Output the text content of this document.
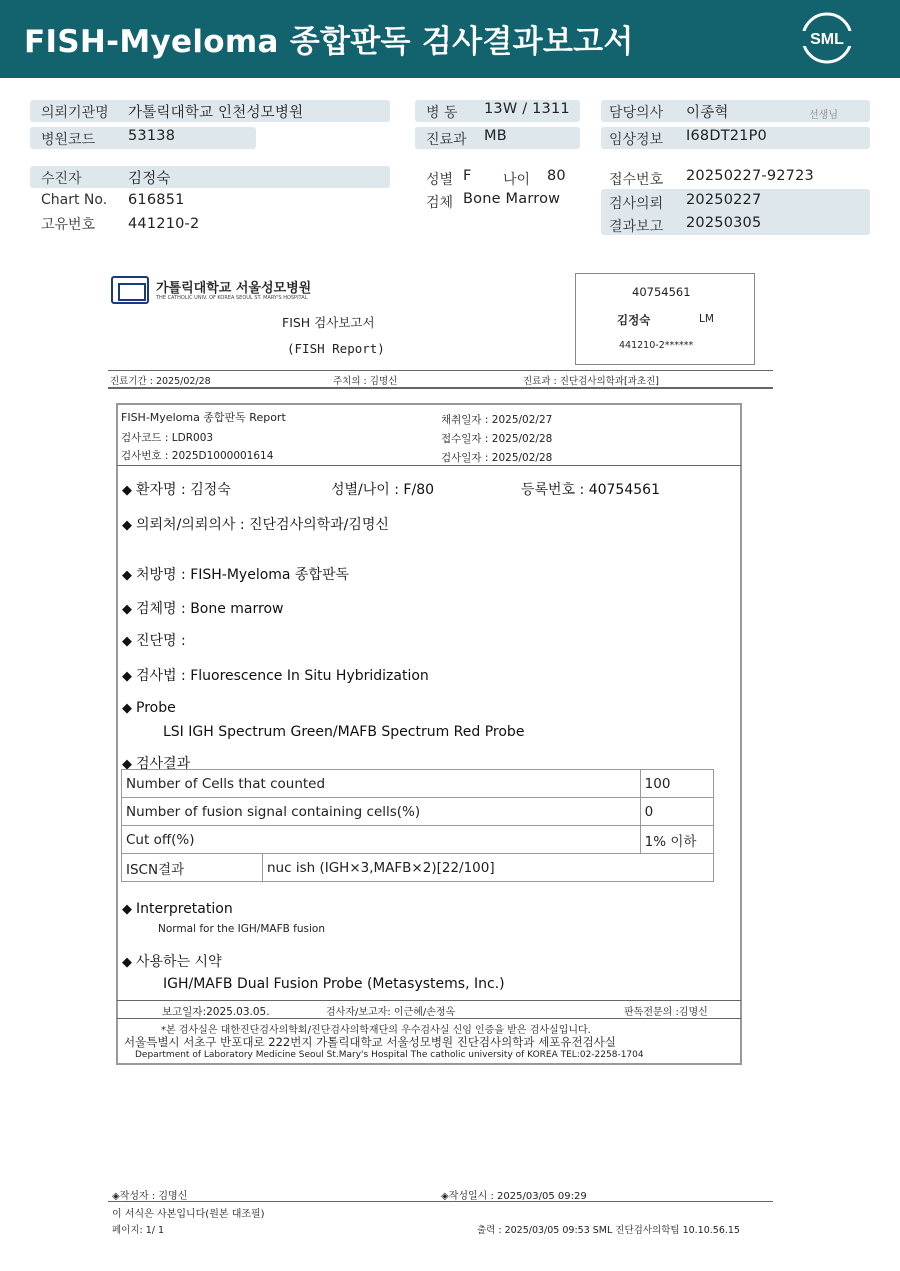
FISH-Myeloma 종합판독 검사결과보고서	SML
의뢰기관명 가톨릭대학교 인천성모병원
병원코드 53138
병 동 13W / 1311
진료과 MB
담당의사 이종혁	선생님
임상정보 I68DT21P0
수진자	김정숙
Chart No. 616851
고유번호 441210-2
성별 F 나이 80
검체 Bone Marrow
접수번호 20250227-92723
검사의뢰 20250227
결과보고 20250305
가톨릭대학교 서울성모병원
THE CATHOLIC UNIV. OF KOREA SEOUL ST. MARY'S HOSPITAL
FISH 검사보고서
(FISH Report)
40754561
김정숙	LM
441210-2******
진료기간 : 2025/02/28	주치의 : 김명신	진료과 : 진단검사의학과[과초진]
FISH-Myeloma 종합판독 Report
검사코드 : LDR003
검사번호 : 2025D1000001614
채취일자 : 2025/02/27
접수일자 : 2025/02/28
검사일자 : 2025/02/28
◆ 환자명 : 김정숙	성별/나이 : F/80	등록번호 : 40754561
◆ 의뢰처/의뢰의사 : 진단검사의학과/김명신
◆ 처방명 : FISH-Myeloma 종합판독
◆ 검체명 : Bone marrow
◆ 진단명 :
◆ 검사법 : Fluorescence In Situ Hybridization
◆ Probe
LSI IGH Spectrum Green/MAFB Spectrum Red Probe
◆ 검사결과
Number of Cells that counted		100
Number of fusion signal containing cells(%)		0
Cut off(%)		1% 이하
ISCN결과	nuc ish (IGH×3,MAFB×2)[22/100]	
◆ Interpretation
Normal for the IGH/MAFB fusion
◆ 사용하는 시약
IGH/MAFB Dual Fusion Probe (Metasystems, Inc.)
보고일자:2025.03.05.	검사자/보고자: 이근혜/손정옥	판독전문의 :김명신
*본 검사실은 대한진단검사의학회/진단검사의학재단의 우수검사실 신임 인증을 받은 검사실입니다.
서울특별시 서초구 반포대로 222번지 가톨릭대학교 서울성모병원 진단검사의학과 세포유전검사실
Department of Laboratory Medicine Seoul St.Mary's Hospital The catholic university of KOREA TEL:02-2258-1704
◈작성자 : 김명신	◈작성일시 : 2025/03/05 09:29
이 서식은 사본입니다(원본 대조필)
페이지: 1/ 1	출력 : 2025/03/05 09:53 SML 진단검사의학팀 10.10.56.15
